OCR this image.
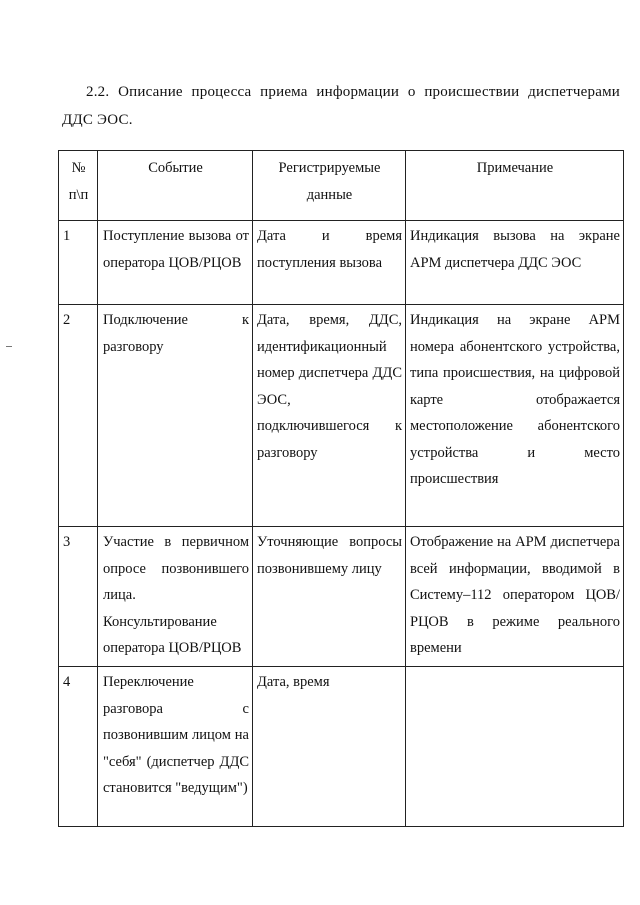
2.2. Описание процесса приема информации о происшествии диспетчерами ДДС ЭОС.
№ п\п	Событие	Регистрируемые данные	Примечание
1	Поступление вызова от оператора ЦОВ/РЦОВ	Дата и время поступления вызова	Индикация вызова на экране АРМ диспетчера ДДС ЭОС
2	Подключение к разговору	Дата, время, ДДС, идентификационный номер диспетчера ДДС ЭОС, подключившегося к разговору	Индикация на экране АРМ номера абонентского устройства, типа происшествия, на цифровой карте отображается местоположение абонентского устройства и место происшествия
3	Участие в первичном опросе позвонившего лица. Консультирование оператора ЦОВ/РЦОВ	Уточняющие вопросы позвонившему лицу	Отображение на АРМ диспетчера всей информации, вводимой в Систему–112 оператором ЦОВ/РЦОВ в режиме реального времени
4	Переключение разговора с позвонившим лицом на "себя" (диспетчер ДДС становится "ведущим")	Дата, время	
